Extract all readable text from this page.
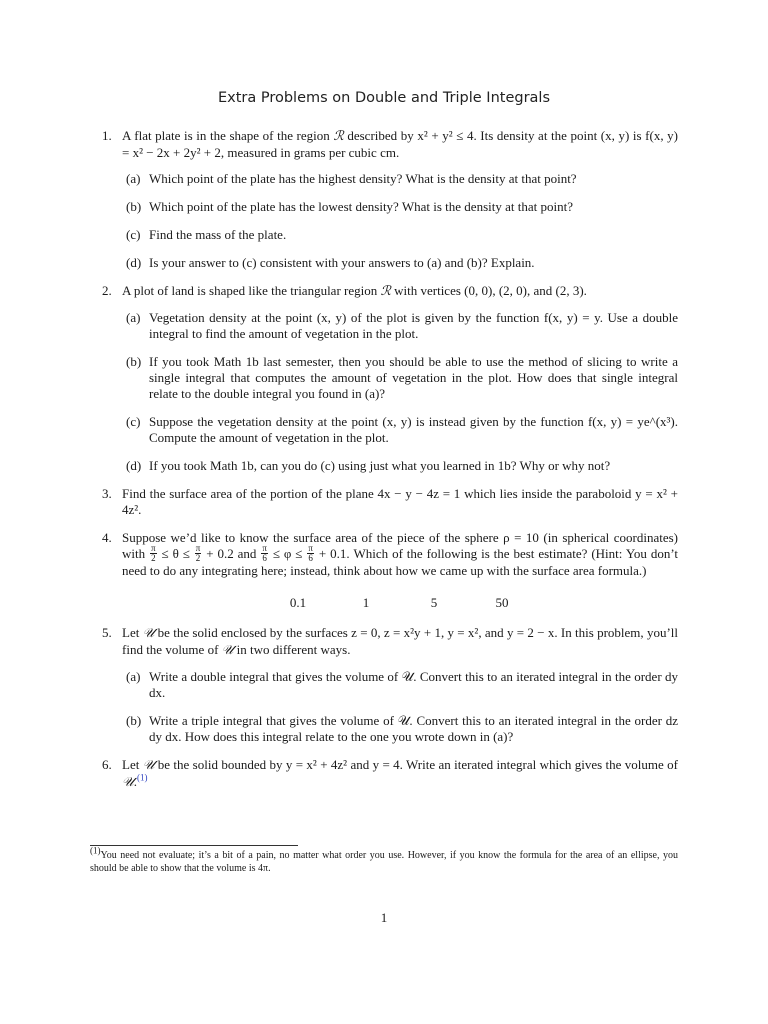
Extra Problems on Double and Triple Integrals
1. A flat plate is in the shape of the region ℛ described by x² + y² ≤ 4. Its density at the point (x, y) is f(x, y) = x² − 2x + 2y² + 2, measured in grams per cubic cm.
(a) Which point of the plate has the highest density? What is the density at that point?
(b) Which point of the plate has the lowest density? What is the density at that point?
(c) Find the mass of the plate.
(d) Is your answer to (c) consistent with your answers to (a) and (b)? Explain.
2. A plot of land is shaped like the triangular region ℛ with vertices (0, 0), (2, 0), and (2, 3).
(a) Vegetation density at the point (x, y) of the plot is given by the function f(x, y) = y. Use a double integral to find the amount of vegetation in the plot.
(b) If you took Math 1b last semester, then you should be able to use the method of slicing to write a single integral that computes the amount of vegetation in the plot. How does that single integral relate to the double integral you found in (a)?
(c) Suppose the vegetation density at the point (x, y) is instead given by the function f(x, y) = ye^(x³). Compute the amount of vegetation in the plot.
(d) If you took Math 1b, can you do (c) using just what you learned in 1b? Why or why not?
3. Find the surface area of the portion of the plane 4x − y − 4z = 1 which lies inside the paraboloid y = x² + 4z².
4. Suppose we’d like to know the surface area of the piece of the sphere ρ = 10 (in spherical coordinates) with $\frac{\pi}{2} \le \theta \le \frac{\pi}{2} + 0.2$ and $\frac{\pi}{6} \le \varphi \le \frac{\pi}{6} + 0.1$. Which of the following is the best estimate? (Hint: You don’t need to do any integrating here; instead, think about how we came up with the surface area formula.)
0.1	1	5	50
5. Let 𝒰 be the solid enclosed by the surfaces z = 0, z = x²y + 1, y = x², and y = 2 − x. In this problem, you’ll find the volume of 𝒰 in two different ways.
(a) Write a double integral that gives the volume of 𝒰. Convert this to an iterated integral in the order dy dx.
(b) Write a triple integral that gives the volume of 𝒰. Convert this to an iterated integral in the order dz dy dx. How does this integral relate to the one you wrote down in (a)?
6. Let 𝒰 be the solid bounded by y = x² + 4z² and y = 4. Write an iterated integral which gives the volume of 𝒰.$^{(1)}$
$^{(1)}$You need not evaluate; it’s a bit of a pain, no matter what order you use. However, if you know the formula for the area of an ellipse, you should be able to show that the volume is 4π.
1
